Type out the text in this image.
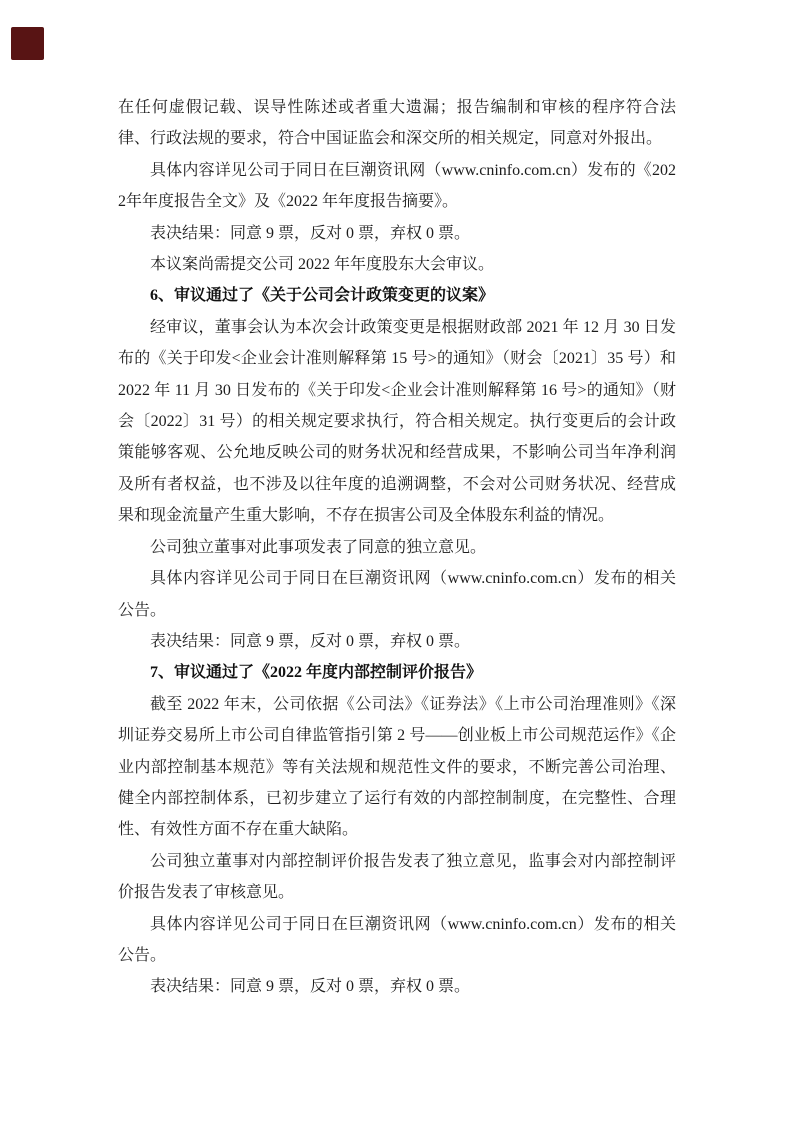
在任何虚假记载、误导性陈述或者重大遗漏；报告编制和审核的程序符合法律、行政法规的要求，符合中国证监会和深交所的相关规定，同意对外报出。

具体内容详见公司于同日在巨潮资讯网（www.cninfo.com.cn）发布的《2022年年度报告全文》及《2022 年年度报告摘要》。

表决结果：同意 9 票，反对 0 票，弃权 0 票。

本议案尚需提交公司 2022 年年度股东大会审议。

6、审议通过了《关于公司会计政策变更的议案》

经审议，董事会认为本次会计政策变更是根据财政部 2021 年 12 月 30 日发布的《关于印发<企业会计准则解释第 15 号>的通知》（财会〔2021〕35 号）和 2022 年 11 月 30 日发布的《关于印发<企业会计准则解释第 16 号>的通知》（财会〔2022〕31 号）的相关规定要求执行，符合相关规定。执行变更后的会计政策能够客观、公允地反映公司的财务状况和经营成果，不影响公司当年净利润及所有者权益，也不涉及以往年度的追溯调整，不会对公司财务状况、经营成果和现金流量产生重大影响，不存在损害公司及全体股东利益的情况。

公司独立董事对此事项发表了同意的独立意见。

具体内容详见公司于同日在巨潮资讯网（www.cninfo.com.cn）发布的相关公告。

表决结果：同意 9 票，反对 0 票，弃权 0 票。

7、审议通过了《2022 年度内部控制评价报告》

截至 2022 年末，公司依据《公司法》《证券法》《上市公司治理准则》《深圳证券交易所上市公司自律监管指引第 2 号——创业板上市公司规范运作》《企业内部控制基本规范》等有关法规和规范性文件的要求，不断完善公司治理、健全内部控制体系，已初步建立了运行有效的内部控制制度，在完整性、合理性、有效性方面不存在重大缺陷。

公司独立董事对内部控制评价报告发表了独立意见，监事会对内部控制评价报告发表了审核意见。

具体内容详见公司于同日在巨潮资讯网（www.cninfo.com.cn）发布的相关公告。

表决结果：同意 9 票，反对 0 票，弃权 0 票。
